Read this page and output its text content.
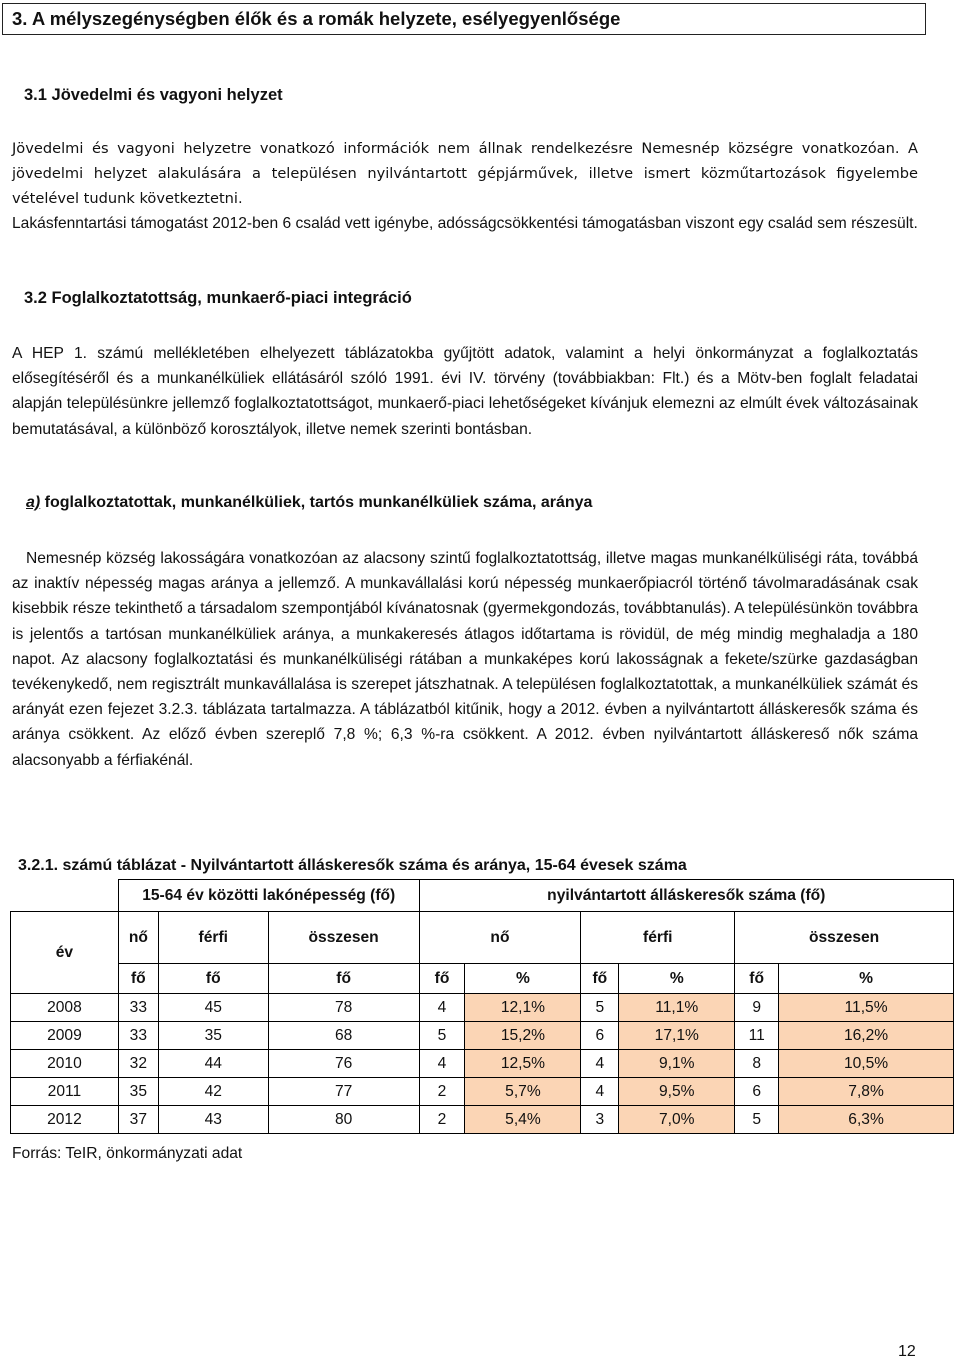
3. A mélyszegénységben élők és a romák helyzete, esélyegyenlősége
3.1 Jövedelmi és vagyoni helyzet
Jövedelmi és vagyoni helyzetre vonatkozó információk nem állnak rendelkezésre Nemesnép községre vonatkozóan. A jövedelmi helyzet alakulására a településen nyilvántartott gépjárművek, illetve ismert közműtartozások figyelembe vételével tudunk következtetni.
Lakásfenntartási támogatást 2012-ben 6 család vett igénybe, adósságcsökkentési támogatásban viszont egy család sem részesült.
3.2 Foglalkoztatottság, munkaerő-piaci integráció
A HEP 1. számú mellékletében elhelyezett táblázatokba gyűjtött adatok, valamint a helyi önkormányzat a foglalkoztatás elősegítéséről és a munkanélküliek ellátásáról szóló 1991. évi IV. törvény (továbbiakban: Flt.) és a Mötv-ben foglalt feladatai alapján településünkre jellemző foglalkoztatottságot, munkaerő-piaci lehetőségeket kívánjuk elemezni az elmúlt évek változásainak bemutatásával, a különböző korosztályok, illetve nemek szerinti bontásban.
a) foglalkoztatottak, munkanélküliek, tartós munkanélküliek száma, aránya
Nemesnép község lakosságára vonatkozóan az alacsony szintű foglalkoztatottság, illetve magas munkanélküliségi ráta, továbbá az inaktív népesség magas aránya a jellemző. A munkavállalási korú népesség munkaerőpiacról történő távolmaradásának csak kisebbik része tekinthető a társadalom szempontjából kívánatosnak (gyermekgondozás, továbbtanulás). A településünkön továbbra is jelentős a tartósan munkanélküliek aránya, a munkakeresés átlagos időtartama is rövidül, de még mindig meghaladja a 180 napot. Az alacsony foglalkoztatási és munkanélküliségi rátában a munkaképes korú lakosságnak a fekete/szürke gazdaságban tevékenykedő, nem regisztrált munkavállalása is szerepet játszhatnak. A településen foglalkoztatottak, a munkanélküliek számát és arányát ezen fejezet 3.2.3. táblázata tartalmazza. A táblázatból kitűnik, hogy a 2012. évben a nyilvántartott álláskeresők száma és aránya csökkent. Az előző évben szereplő 7,8 %; 6,3 %-ra csökkent. A 2012. évben nyilvántartott álláskereső nők száma alacsonyabb a férfiakénál.
3.2.1. számú táblázat - Nyilvántartott álláskeresők száma és aránya, 15-64 évesek száma
	15-64 év közötti lakónépesség (fő)			nyilvántartott álláskeresők száma (fő)					
év	nő	férfi	összesen	nő		férfi		összesen	
	fő	fő	fő	fő	%	fő	%	fő	%
2008	33	45	78	4	12,1%	5	11,1%	9	11,5%
2009	33	35	68	5	15,2%	6	17,1%	11	16,2%
2010	32	44	76	4	12,5%	4	9,1%	8	10,5%
2011	35	42	77	2	5,7%	4	9,5%	6	7,8%
2012	37	43	80	2	5,4%	3	7,0%	5	6,3%
Forrás: TeIR, önkormányzati adat
12
